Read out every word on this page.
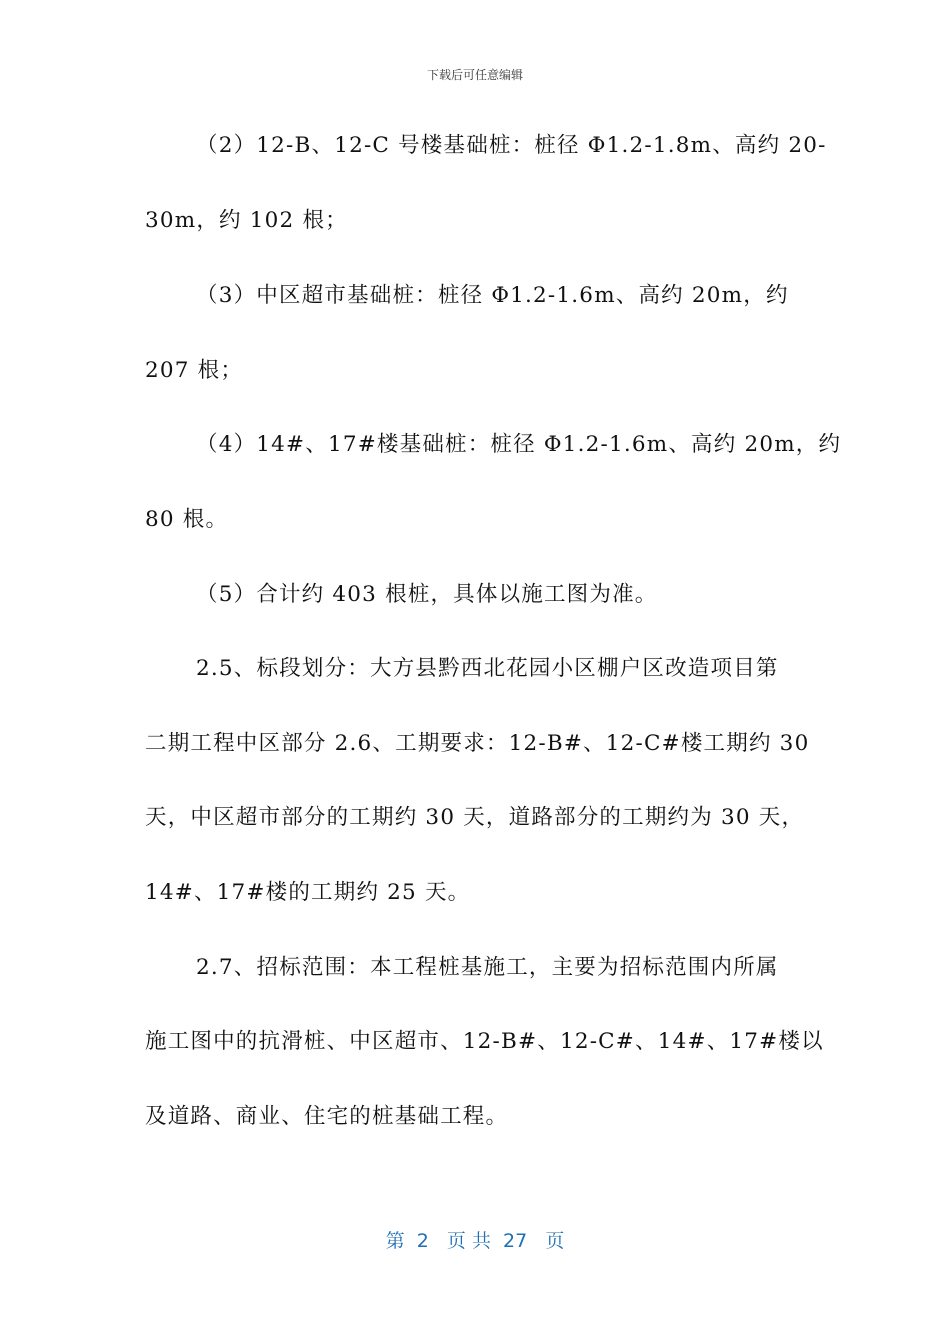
下载后可任意编辑
（2）12-B、12-C 号楼基础桩：桩径 Φ1.2-1.8m、高约 20-
30m，约 102 根；
（3）中区超市基础桩：桩径 Φ1.2-1.6m、高约 20m，约
207 根；
（4）14#、17#楼基础桩：桩径 Φ1.2-1.6m、高约 20m，约
80 根。
（5）合计约 403 根桩，具体以施工图为准。
2.5、标段划分：大方县黔西北花园小区棚户区改造项目第
二期工程中区部分 2.6、工期要求：12-B#、12-C#楼工期约 30
天，中区超市部分的工期约 30 天，道路部分的工期约为 30 天，
14#、17#楼的工期约 25 天。
2.7、招标范围：本工程桩基施工，主要为招标范围内所属
施工图中的抗滑桩、中区超市、12-B#、12-C#、14#、17#楼以
及道路、商业、住宅的桩基础工程。
第  2   页 共  27   页
